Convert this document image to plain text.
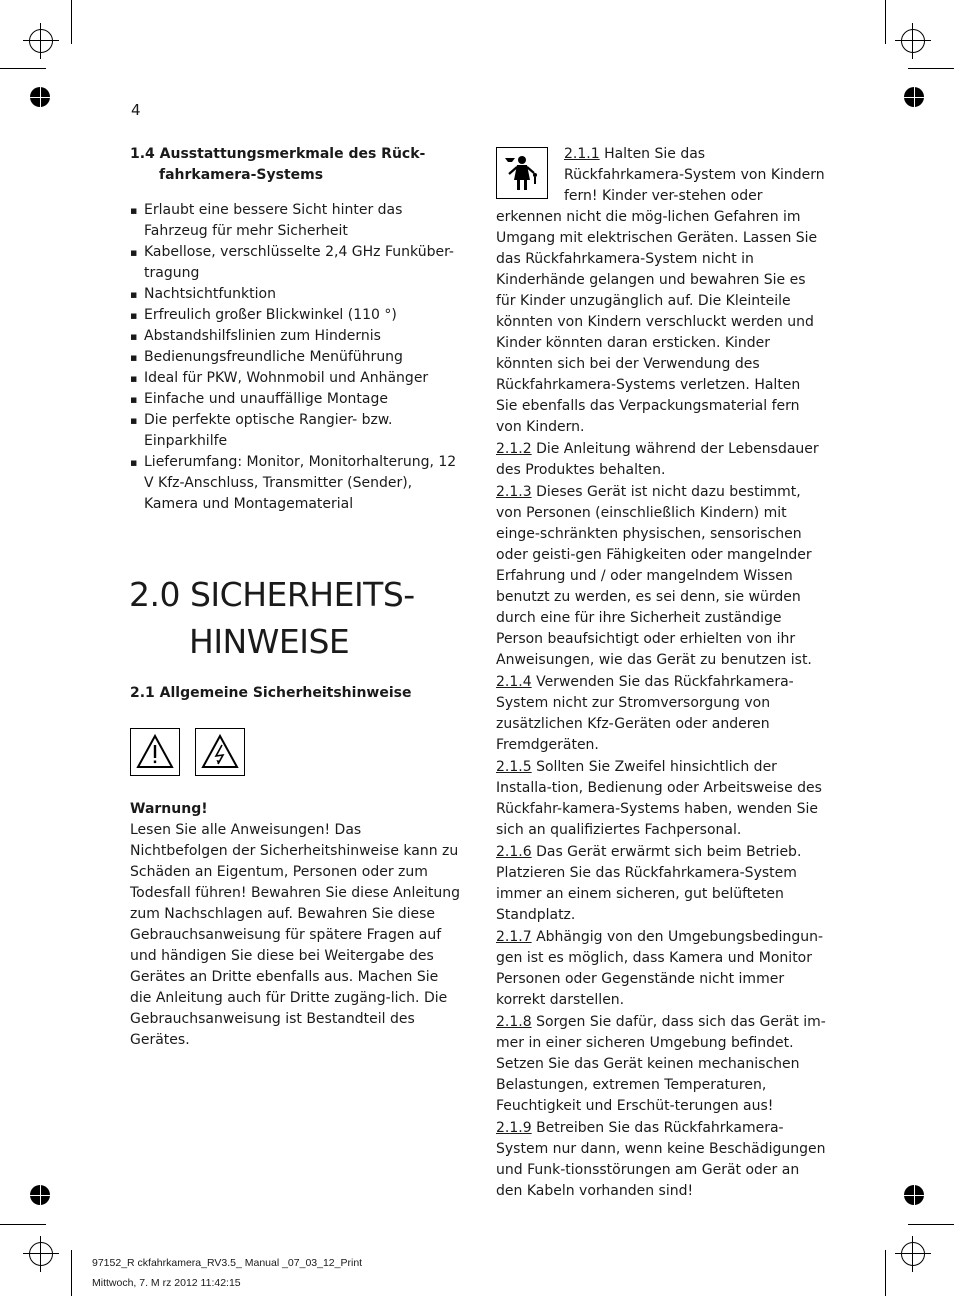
4
1.4 Ausstattungsmerkmale des Rück-
fahrkamera-Systems
▪ Erlaubt eine bessere Sicht hinter das Fahrzeug für mehr Sicherheit
▪ Kabellose, verschlüsselte 2,4 GHz Funküber-tragung
▪ Nachtsichtfunktion
▪ Erfreulich großer Blickwinkel (110 °)
▪ Abstandshilfslinien zum Hindernis
▪ Bedienungsfreundliche Menüführung
▪ Ideal für PKW, Wohnmobil und Anhänger
▪ Einfache und unauffällige Montage
▪ Die perfekte optische Rangier- bzw. Einparkhilfe
▪ Lieferumfang: Monitor, Monitorhalterung, 12 V Kfz-Anschluss, Transmitter (Sender), Kamera und Montagematerial
2.0 SICHERHEITS-
HINWEISE
2.1 Allgemeine Sicherheitshinweise
Warnung!

Lesen Sie alle Anweisungen! Das Nichtbefolgen der Sicherheitshinweise kann zu Schäden an Eigentum, Personen oder zum Todesfall führen! Bewahren Sie diese Anleitung zum Nachschlagen auf. Bewahren Sie diese Gebrauchsanweisung für spätere Fragen auf und händigen Sie diese bei Weitergabe des Gerätes an Dritte ebenfalls aus. Machen Sie die Anleitung auch für Dritte zugäng-lich. Die Gebrauchsanweisung ist Bestandteil des Gerätes.

2.1.1 Halten Sie das Rückfahrkamera-System von Kindern fern! Kinder ver-stehen oder erkennen nicht die mög-lichen Gefahren im Umgang mit elektrischen Geräten. Lassen Sie das Rückfahrkamera-System nicht in Kinderhände gelangen und bewahren Sie es für Kinder unzugänglich auf. Die Kleinteile könnten von Kindern verschluckt werden und Kinder könnten daran ersticken. Kinder könnten sich bei der Verwendung des Rückfahrkamera-Systems verletzen. Halten Sie ebenfalls das Verpackungsmaterial fern von Kindern.

2.1.2 Die Anleitung während der Lebensdauer des Produktes behalten.

2.1.3 Dieses Gerät ist nicht dazu bestimmt, von Personen (einschließlich Kindern) mit einge-schränkten physischen, sensorischen oder geisti-gen Fähigkeiten oder mangelnder Erfahrung und / oder mangelndem Wissen benutzt zu werden, es sei denn, sie würden durch eine für ihre Sicherheit zuständige Person beaufsichtigt oder erhielten von ihr Anweisungen, wie das Gerät zu benutzen ist.

2.1.4 Verwenden Sie das Rückfahrkamera-System nicht zur Stromversorgung von zusätzlichen Kfz-Geräten oder anderen Fremdgeräten.

2.1.5 Sollten Sie Zweifel hinsichtlich der Installa-tion, Bedienung oder Arbeitsweise des Rückfahr-kamera-Systems haben, wenden Sie sich an qualifiziertes Fachpersonal.

2.1.6 Das Gerät erwärmt sich beim Betrieb. Platzieren Sie das Rückfahrkamera-System immer an einem sicheren, gut belüfteten Standplatz.

2.1.7 Abhängig von den Umgebungsbedingun-gen ist es möglich, dass Kamera und Monitor Personen oder Gegenstände nicht immer korrekt darstellen.

2.1.8 Sorgen Sie dafür, dass sich das Gerät im-mer in einer sicheren Umgebung befindet. Setzen Sie das Gerät keinen mechanischen Belastungen, extremen Temperaturen, Feuchtigkeit und Erschüt-terungen aus!

2.1.9 Betreiben Sie das Rückfahrkamera-System nur dann, wenn keine Beschädigungen und Funk-tionsstörungen am Gerät oder an den Kabeln vorhanden sind!

97152_R ckfahrkamera_RV3.5_ Manual _07_03_12_Print
Mittwoch, 7. M rz 2012 11:42:15
